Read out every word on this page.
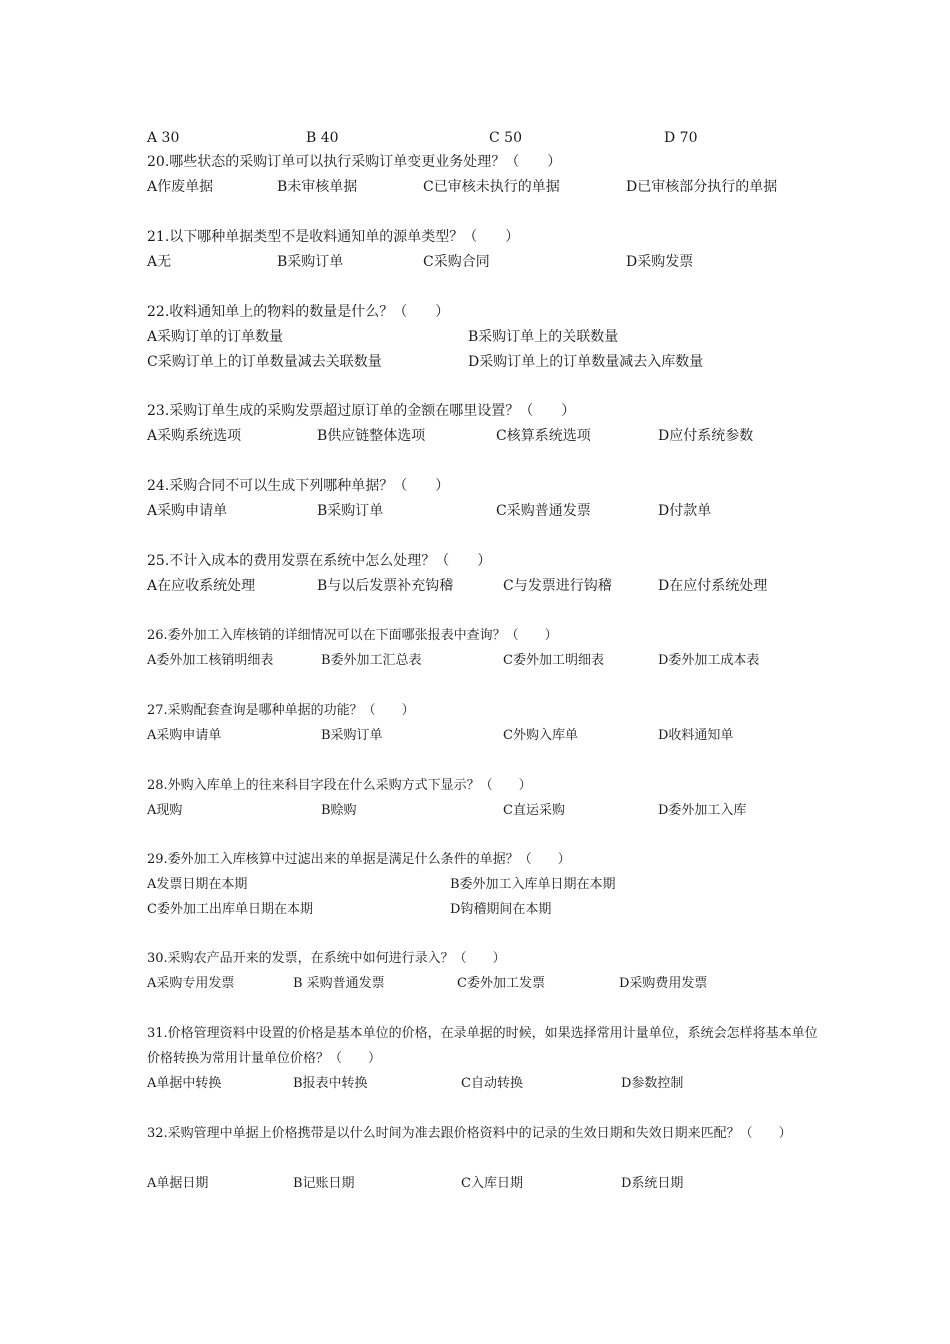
A 30	B 40	C 50	D 70
20.哪些状态的采购订单可以执行采购订单变更业务处理？（　　）
A作废单据	B未审核单据	C已审核未执行的单据	D已审核部分执行的单据
21.以下哪种单据类型不是收料通知单的源单类型？（　　）
A无	B采购订单	C采购合同	D采购发票
22.收料通知单上的物料的数量是什么？（　　）
A采购订单的订单数量	B采购订单上的关联数量
C采购订单上的订单数量减去关联数量	D采购订单上的订单数量减去入库数量
23.采购订单生成的采购发票超过原订单的金额在哪里设置？（　　）
A采购系统选项	B供应链整体选项	C核算系统选项	D应付系统参数
24.采购合同不可以生成下列哪种单据？（　　）
A采购申请单	B采购订单	C采购普通发票	D付款单
25.不计入成本的费用发票在系统中怎么处理？（　　）
A在应收系统处理	B与以后发票补充钩稽	C与发票进行钩稽	D在应付系统处理
26.委外加工入库核销的详细情况可以在下面哪张报表中查询？（　　）
A委外加工核销明细表	B委外加工汇总表	C委外加工明细表	D委外加工成本表
27.采购配套查询是哪种单据的功能？（　　）
A采购申请单	B采购订单	C外购入库单	D收料通知单
28.外购入库单上的往来科目字段在什么采购方式下显示？（　　）
A现购	B赊购	C直运采购	D委外加工入库
29.委外加工入库核算中过滤出来的单据是满足什么条件的单据？（　　）
A发票日期在本期	B委外加工入库单日期在本期
C委外加工出库单日期在本期	D钩稽期间在本期
30.采购农产品开来的发票，在系统中如何进行录入？（　　）
A采购专用发票	B 采购普通发票	C委外加工发票	D采购费用发票
31.价格管理资料中设置的价格是基本单位的价格，在录单据的时候，如果选择常用计量单位，系统会怎样将基本单位价格转换为常用计量单位价格？（　　）
A单据中转换	B报表中转换	C自动转换	D参数控制
32.采购管理中单据上价格携带是以什么时间为准去跟价格资料中的记录的生效日期和失效日期来匹配？（　　）
A单据日期	B记账日期	C入库日期	D系统日期
